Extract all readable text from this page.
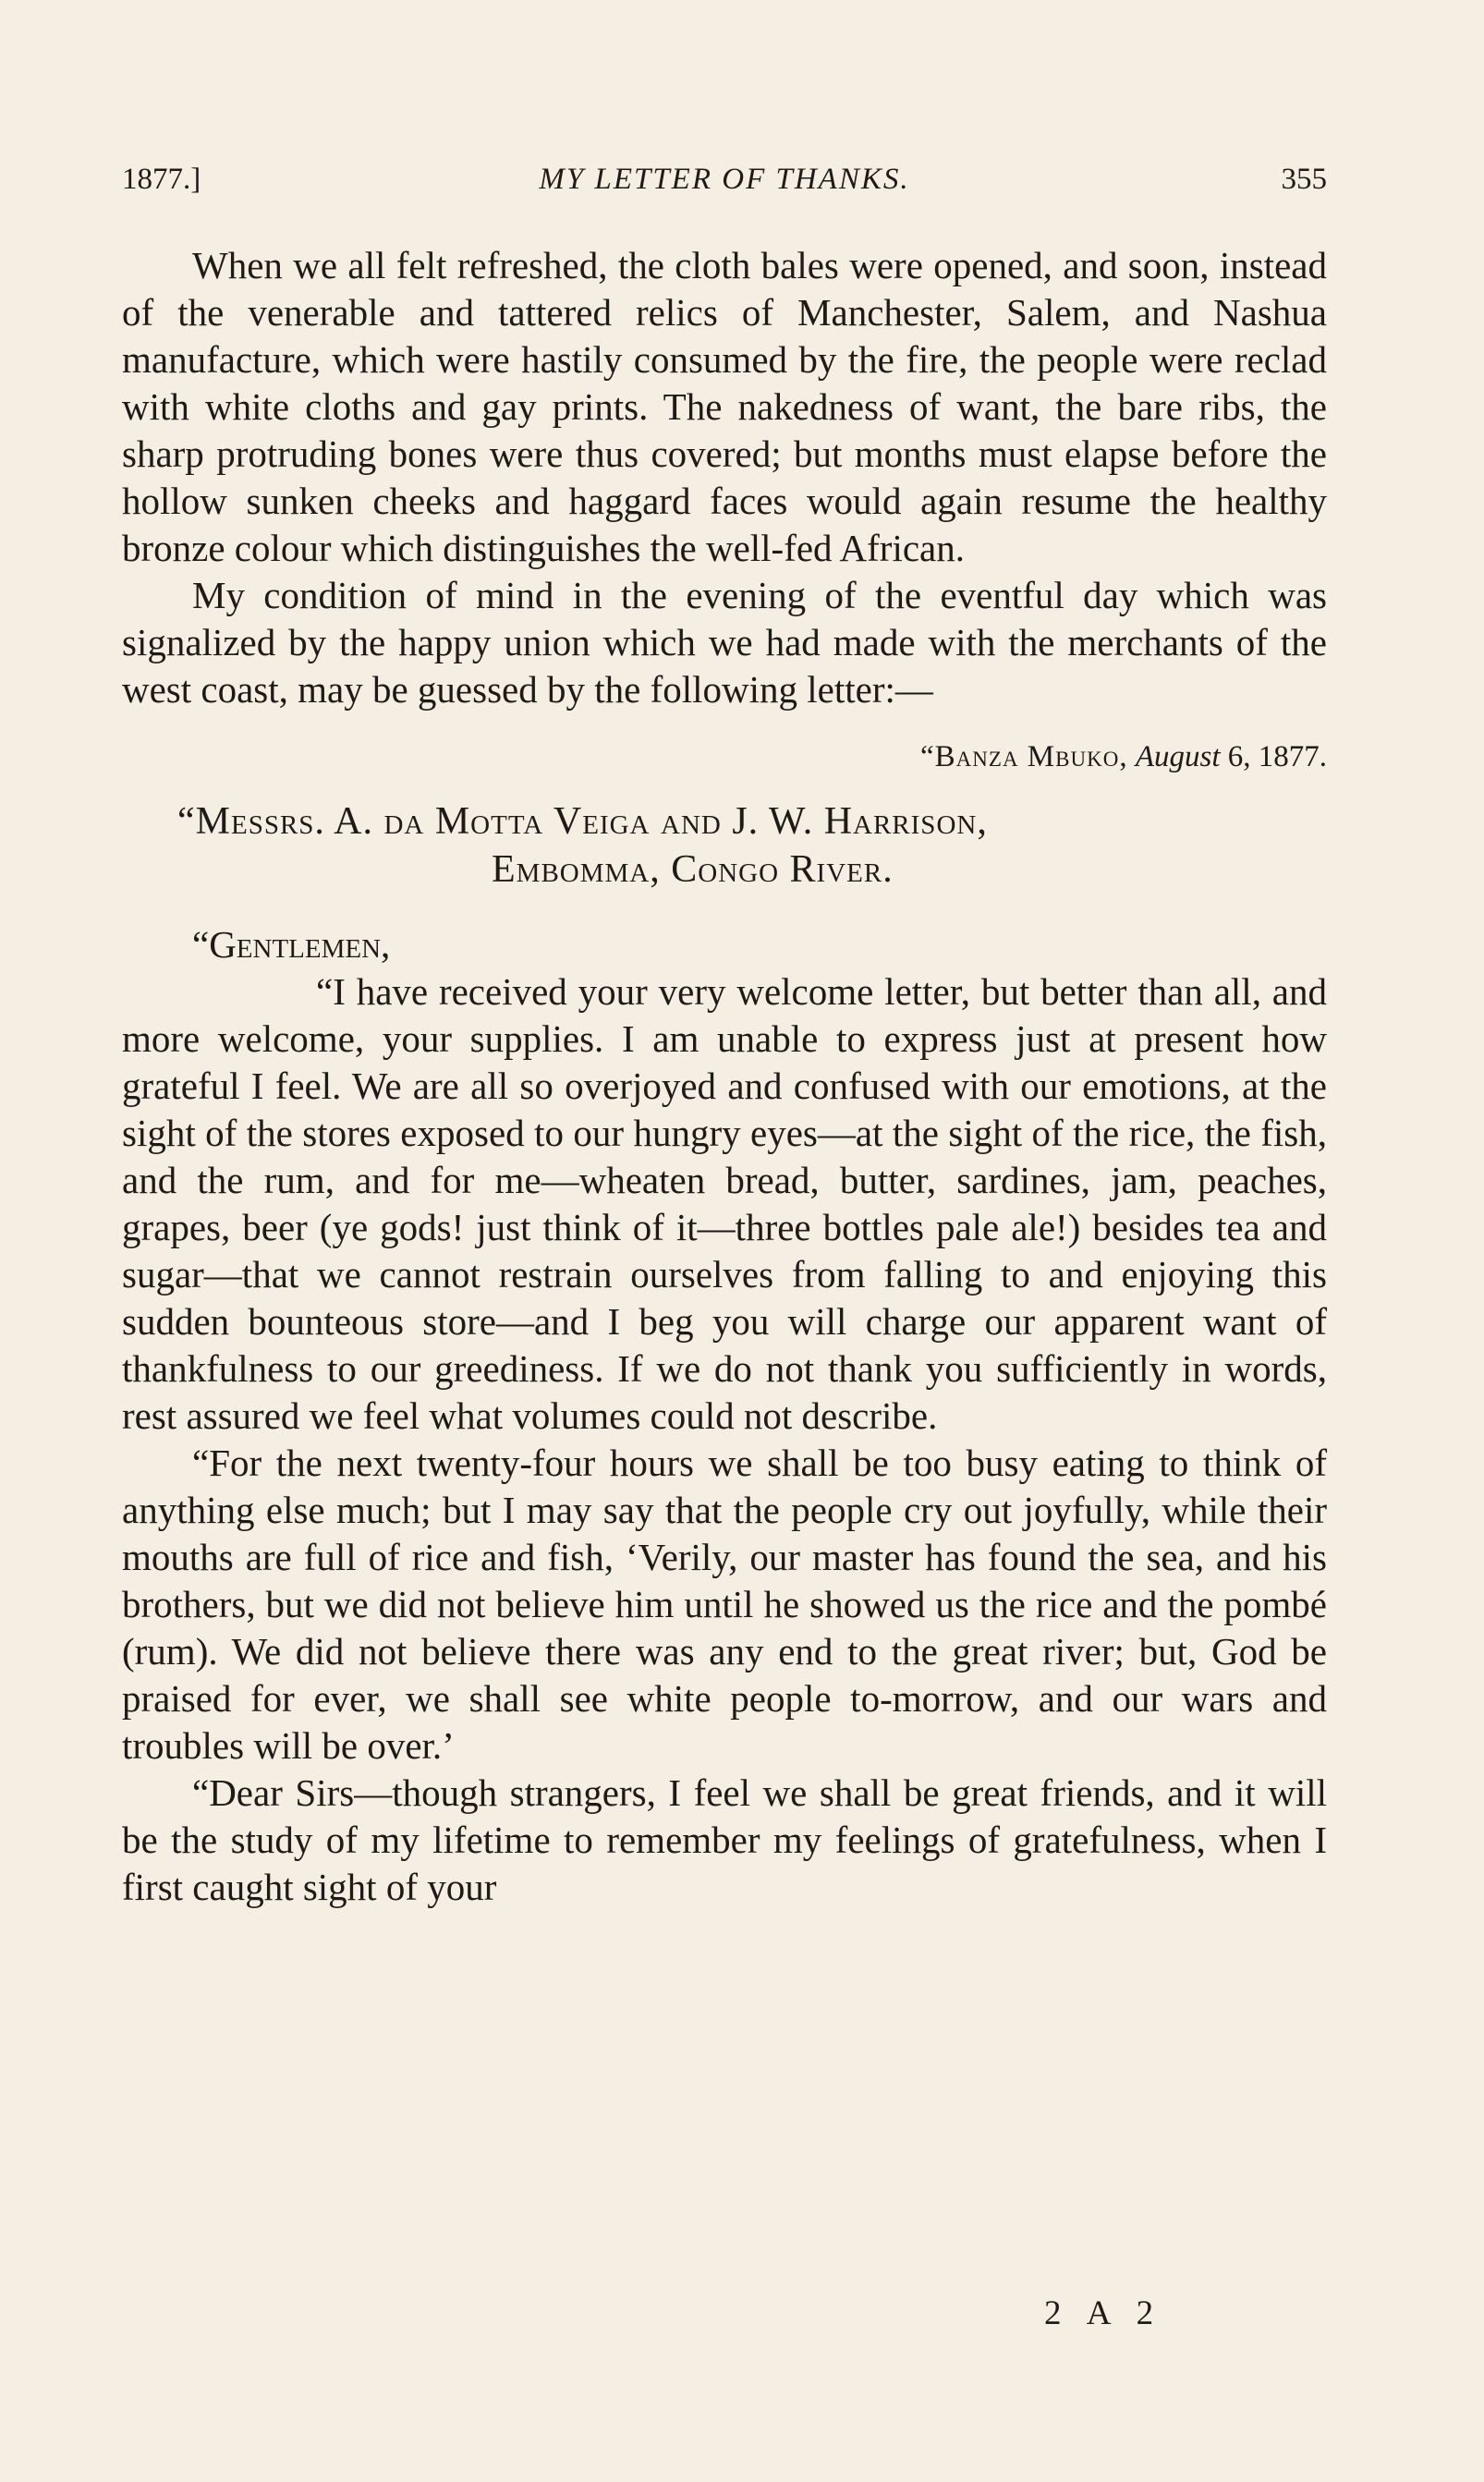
1877.]	MY LETTER OF THANKS.	355

When we all felt refreshed, the cloth bales were opened, and soon, instead of the venerable and tattered relics of Manchester, Salem, and Nashua manufacture, which were hastily consumed by the fire, the people were reclad with white cloths and gay prints. The nakedness of want, the bare ribs, the sharp protruding bones were thus covered; but months must elapse before the hollow sunken cheeks and haggard faces would again resume the healthy bronze colour which distinguishes the well-fed African.

My condition of mind in the evening of the eventful day which was signalized by the happy union which we had made with the merchants of the west coast, may be guessed by the following letter:—

“Banza Mbuko, August 6, 1877.

“Messrs. A. da Motta Veiga and J. W. Harrison,

Embomma, Congo River.

“Gentlemen,

“I have received your very welcome letter, but better than all, and more welcome, your supplies. I am unable to express just at present how grateful I feel. We are all so overjoyed and confused with our emotions, at the sight of the stores exposed to our hungry eyes—at the sight of the rice, the fish, and the rum, and for me—wheaten bread, butter, sardines, jam, peaches, grapes, beer (ye gods! just think of it—three bottles pale ale!) besides tea and sugar—that we cannot restrain ourselves from falling to and enjoying this sudden bounteous store—and I beg you will charge our apparent want of thankfulness to our greediness. If we do not thank you sufficiently in words, rest assured we feel what volumes could not describe.

“For the next twenty-four hours we shall be too busy eating to think of anything else much; but I may say that the people cry out joyfully, while their mouths are full of rice and fish, ‘Verily, our master has found the sea, and his brothers, but we did not believe him until he showed us the rice and the pombé (rum). We did not believe there was any end to the great river; but, God be praised for ever, we shall see white people to-morrow, and our wars and troubles will be over.’

“Dear Sirs—though strangers, I feel we shall be great friends, and it will be the study of my lifetime to remember my feelings of gratefulness, when I first caught sight of your

2 A 2
